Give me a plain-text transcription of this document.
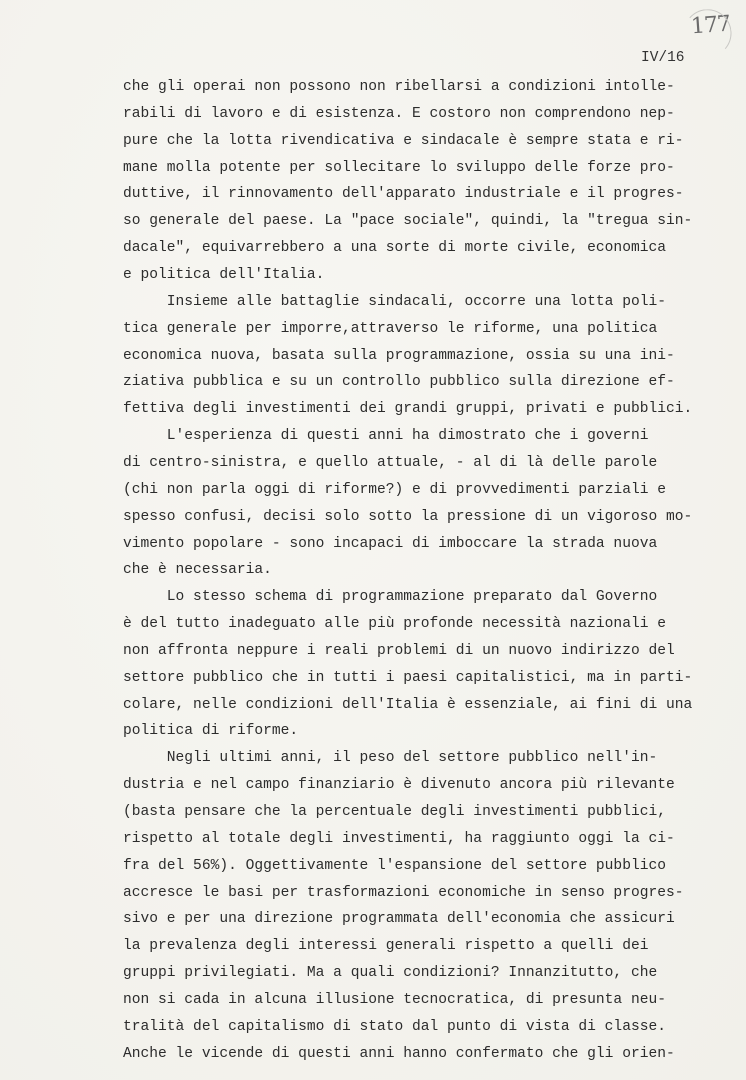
177
IV/16
che gli operai non possono non ribellarsi a condizioni intolle-
rabili di lavoro e di esistenza. E costoro non comprendono nep-
pure che la lotta rivendicativa e sindacale è sempre stata e ri-
mane molla potente per sollecitare lo sviluppo delle forze pro-
duttive, il rinnovamento dell'apparato industriale e il progres-
so generale del paese. La "pace sociale", quindi, la "tregua sin-
dacale", equivarrebbero a una sorte di morte civile, economica
e politica dell'Italia.
Insieme alle battaglie sindacali, occorre una lotta poli-
tica generale per imporre,attraverso le riforme, una politica
economica nuova, basata sulla programmazione, ossia su una ini-
ziativa pubblica e su un controllo pubblico sulla direzione ef-
fettiva degli investimenti dei grandi gruppi, privati e pubblici.
L'esperienza di questi anni ha dimostrato che i governi
di centro-sinistra, e quello attuale, - al di là delle parole
(chi non parla oggi di riforme?) e di provvedimenti parziali e
spesso confusi, decisi solo sotto la pressione di un vigoroso mo-
vimento popolare - sono incapaci di imboccare la strada nuova
che è necessaria.
Lo stesso schema di programmazione preparato dal Governo
è del tutto inadeguato alle più profonde necessità nazionali e
non affronta neppure i reali problemi di un nuovo indirizzo del
settore pubblico che in tutti i paesi capitalistici, ma in parti-
colare, nelle condizioni dell'Italia è essenziale, ai fini di una
politica di riforme.
Negli ultimi anni, il peso del settore pubblico nell'in-
dustria e nel campo finanziario è divenuto ancora più rilevante
(basta pensare che la percentuale degli investimenti pubblici,
rispetto al totale degli investimenti, ha raggiunto oggi la ci-
fra del 56%). Oggettivamente l'espansione del settore pubblico
accresce le basi per trasformazioni economiche in senso progres-
sivo e per una direzione programmata dell'economia che assicuri
la prevalenza degli interessi generali rispetto a quelli dei
gruppi privilegiati. Ma a quali condizioni? Innanzitutto, che
non si cada in alcuna illusione tecnocratica, di presunta neu-
tralità del capitalismo di stato dal punto di vista di classe.
Anche le vicende di questi anni hanno confermato che gli orien-
